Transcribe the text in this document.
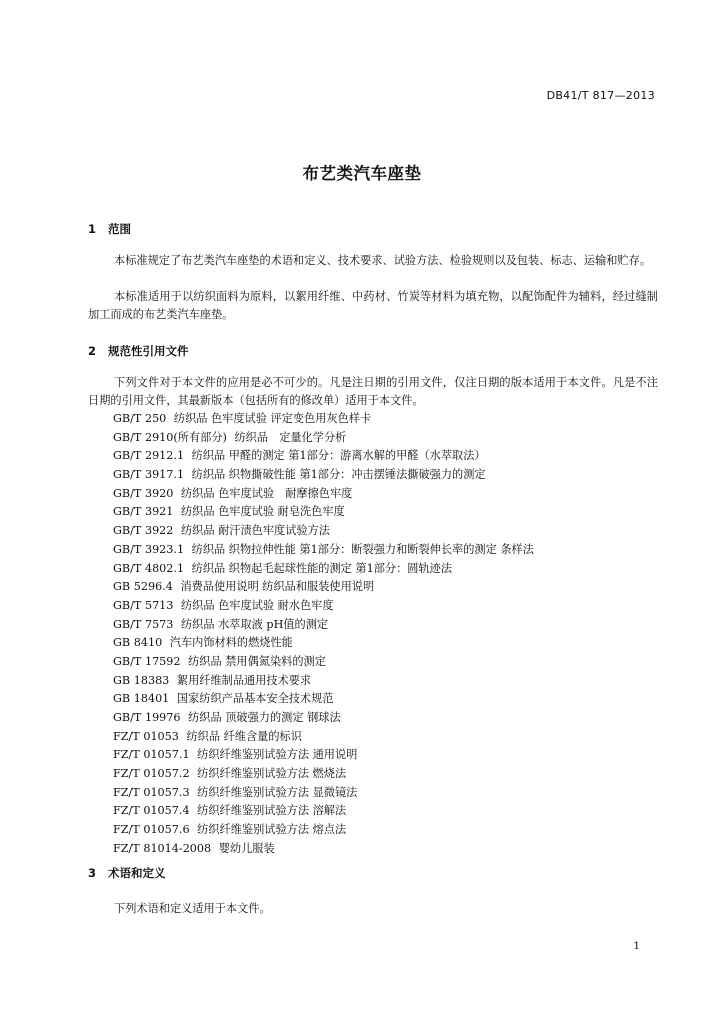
DB41/T 817—2013
布艺类汽车座垫
1 范围

本标准规定了布艺类汽车座垫的术语和定义、技术要求、试验方法、检验规则以及包装、标志、运输和贮存。

本标准适用于以纺织面料为原料，以絮用纤维、中药材、竹炭等材料为填充物，以配饰配件为辅料，经过缝制加工而成的布艺类汽车座垫。

2 规范性引用文件

下列文件对于本文件的应用是必不可少的。凡是注日期的引用文件，仅注日期的版本适用于本文件。凡是不注日期的引用文件，其最新版本（包括所有的修改单）适用于本文件。

GB/T 250 纺织品 色牢度试验 评定变色用灰色样卡
GB/T 2910(所有部分) 纺织品　定量化学分析
GB/T 2912.1 纺织品 甲醛的测定 第1部分：游离水解的甲醛（水萃取法）
GB/T 3917.1 纺织品 织物撕破性能 第1部分：冲击摆锤法撕破强力的测定
GB/T 3920 纺织品 色牢度试验　耐摩擦色牢度
GB/T 3921 纺织品 色牢度试验 耐皂洗色牢度
GB/T 3922 纺织品 耐汗渍色牢度试验方法
GB/T 3923.1 纺织品 织物拉伸性能 第1部分：断裂强力和断裂伸长率的测定 条样法
GB/T 4802.1 纺织品 织物起毛起球性能的测定 第1部分：圆轨迹法
GB 5296.4 消费品使用说明 纺织品和服装使用说明
GB/T 5713 纺织品 色牢度试验 耐水色牢度
GB/T 7573 纺织品 水萃取液 pH值的测定
GB 8410 汽车内饰材料的燃烧性能
GB/T 17592 纺织品 禁用偶氮染料的测定
GB 18383 絮用纤维制品通用技术要求
GB 18401 国家纺织产品基本安全技术规范
GB/T 19976 纺织品 顶破强力的测定 钢球法
FZ/T 01053 纺织品 纤维含量的标识
FZ/T 01057.1 纺织纤维鉴别试验方法 通用说明
FZ/T 01057.2 纺织纤维鉴别试验方法 燃烧法
FZ/T 01057.3 纺织纤维鉴别试验方法 显微镜法
FZ/T 01057.4 纺织纤维鉴别试验方法 溶解法
FZ/T 01057.6 纺织纤维鉴别试验方法 熔点法
FZ/T 81014-2008 婴幼儿服装
3 术语和定义

下列术语和定义适用于本文件。

1
